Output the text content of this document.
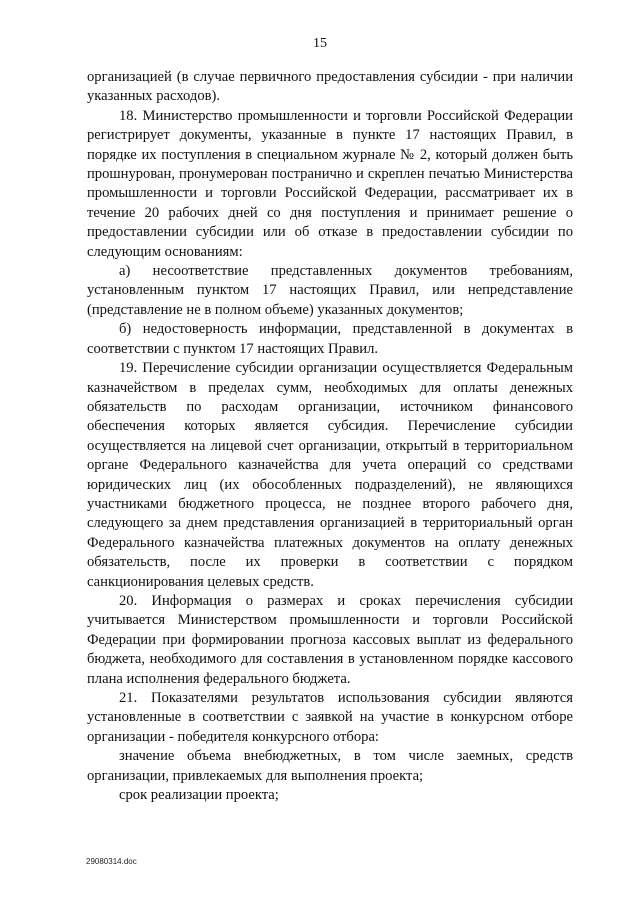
15

организацией (в случае первичного предоставления субсидии - при наличии указанных расходов).

18. Министерство промышленности и торговли Российской Федерации регистрирует документы, указанные в пункте 17 настоящих Правил, в порядке их поступления в специальном журнале № 2, который должен быть прошнурован, пронумерован постранично и скреплен печатью Министерства промышленности и торговли Российской Федерации, рассматривает их в течение 20 рабочих дней со дня поступления и принимает решение о предоставлении субсидии или об отказе в предоставлении субсидии по следующим основаниям:

а) несоответствие представленных документов требованиям, установленным пунктом 17 настоящих Правил, или непредставление (представление не в полном объеме) указанных документов;

б) недостоверность информации, представленной в документах в соответствии с пунктом 17 настоящих Правил.

19. Перечисление субсидии организации осуществляется Федеральным казначейством в пределах сумм, необходимых для оплаты денежных обязательств по расходам организации, источником финансового обеспечения которых является субсидия. Перечисление субсидии осуществляется на лицевой счет организации, открытый в территориальном органе Федерального казначейства для учета операций со средствами юридических лиц (их обособленных подразделений), не являющихся участниками бюджетного процесса, не позднее второго рабочего дня, следующего за днем представления организацией в территориальный орган Федерального казначейства платежных документов на оплату денежных обязательств, после их проверки в соответствии с порядком санкционирования целевых средств.

20. Информация о размерах и сроках перечисления субсидии учитывается Министерством промышленности и торговли Российской Федерации при формировании прогноза кассовых выплат из федерального бюджета, необходимого для составления в установленном порядке кассового плана исполнения федерального бюджета.

21. Показателями результатов использования субсидии являются установленные в соответствии с заявкой на участие в конкурсном отборе организации - победителя конкурсного отбора:

значение объема внебюджетных, в том числе заемных, средств организации, привлекаемых для выполнения проекта;

срок реализации проекта;

29080314.doc
